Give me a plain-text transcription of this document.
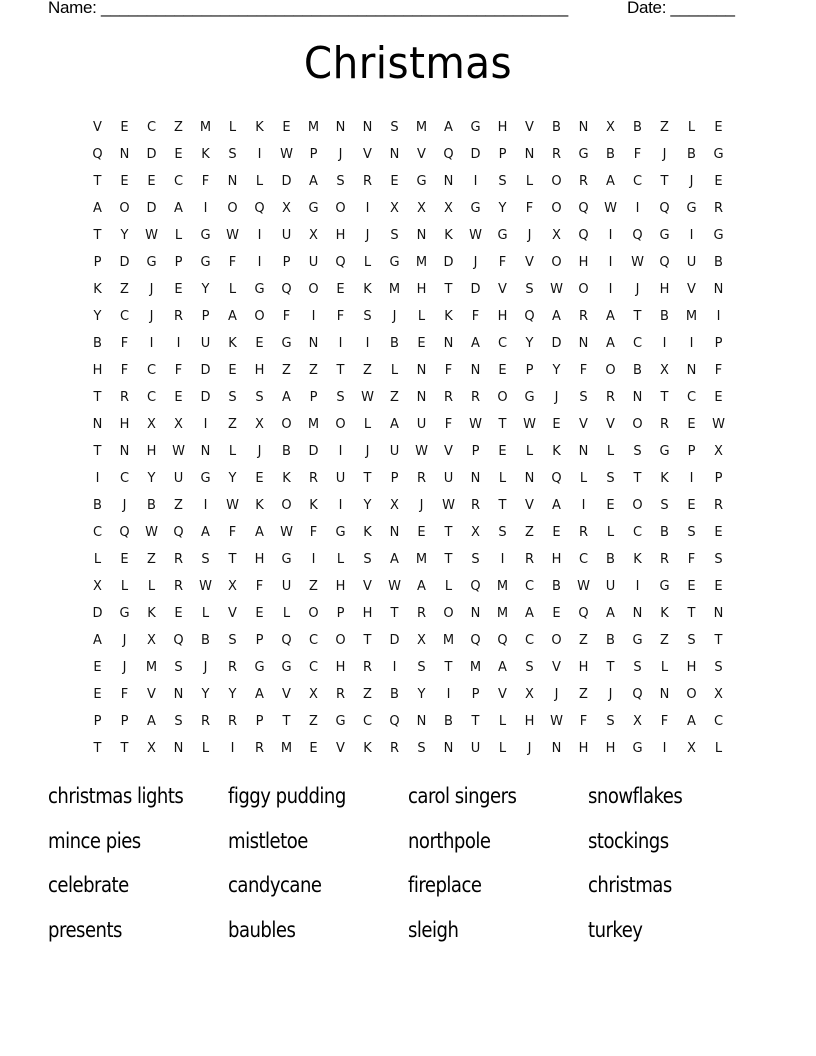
Name: ___________________________________________________	Date: _______
Christmas
V	E	C	Z	M	L	K	E	M	N	N	S	M	A	G	H	V	B	N	X	B	Z	L	E
Q	N	D	E	K	S	I	W	P	J	V	N	V	Q	D	P	N	R	G	B	F	J	B	G
T	E	E	C	F	N	L	D	A	S	R	E	G	N	I	S	L	O	R	A	C	T	J	E
A	O	D	A	I	O	Q	X	G	O	I	X	X	X	G	Y	F	O	Q	W	I	Q	G	R
T	Y	W	L	G	W	I	U	X	H	J	S	N	K	W	G	J	X	Q	I	Q	G	I	G
P	D	G	P	G	F	I	P	U	Q	L	G	M	D	J	F	V	O	H	I	W	Q	U	B
K	Z	J	E	Y	L	G	Q	O	E	K	M	H	T	D	V	S	W	O	I	J	H	V	N
Y	C	J	R	P	A	O	F	I	F	S	J	L	K	F	H	Q	A	R	A	T	B	M	I
B	F	I	I	U	K	E	G	N	I	I	B	E	N	A	C	Y	D	N	A	C	I	I	P
H	F	C	F	D	E	H	Z	Z	T	Z	L	N	F	N	E	P	Y	F	O	B	X	N	F
T	R	C	E	D	S	S	A	P	S	W	Z	N	R	R	O	G	J	S	R	N	T	C	E
N	H	X	X	I	Z	X	O	M	O	L	A	U	F	W	T	W	E	V	V	O	R	E	W
T	N	H	W	N	L	J	B	D	I	J	U	W	V	P	E	L	K	N	L	S	G	P	X
I	C	Y	U	G	Y	E	K	R	U	T	P	R	U	N	L	N	Q	L	S	T	K	I	P
B	J	B	Z	I	W	K	O	K	I	Y	X	J	W	R	T	V	A	I	E	O	S	E	R
C	Q	W	Q	A	F	A	W	F	G	K	N	E	T	X	S	Z	E	R	L	C	B	S	E
L	E	Z	R	S	T	H	G	I	L	S	A	M	T	S	I	R	H	C	B	K	R	F	S
X	L	L	R	W	X	F	U	Z	H	V	W	A	L	Q	M	C	B	W	U	I	G	E	E
D	G	K	E	L	V	E	L	O	P	H	T	R	O	N	M	A	E	Q	A	N	K	T	N
A	J	X	Q	B	S	P	Q	C	O	T	D	X	M	Q	Q	C	O	Z	B	G	Z	S	T
E	J	M	S	J	R	G	G	C	H	R	I	S	T	M	A	S	V	H	T	S	L	H	S
E	F	V	N	Y	Y	A	V	X	R	Z	B	Y	I	P	V	X	J	Z	J	Q	N	O	X
P	P	A	S	R	R	P	T	Z	G	C	Q	N	B	T	L	H	W	F	S	X	F	A	C
T	T	X	N	L	I	R	M	E	V	K	R	S	N	U	L	J	N	H	H	G	I	X	L
christmas lights	figgy pudding	carol singers	snowflakes
mince pies	mistletoe	northpole	stockings
celebrate	candycane	fireplace	christmas
presents	baubles	sleigh	turkey
